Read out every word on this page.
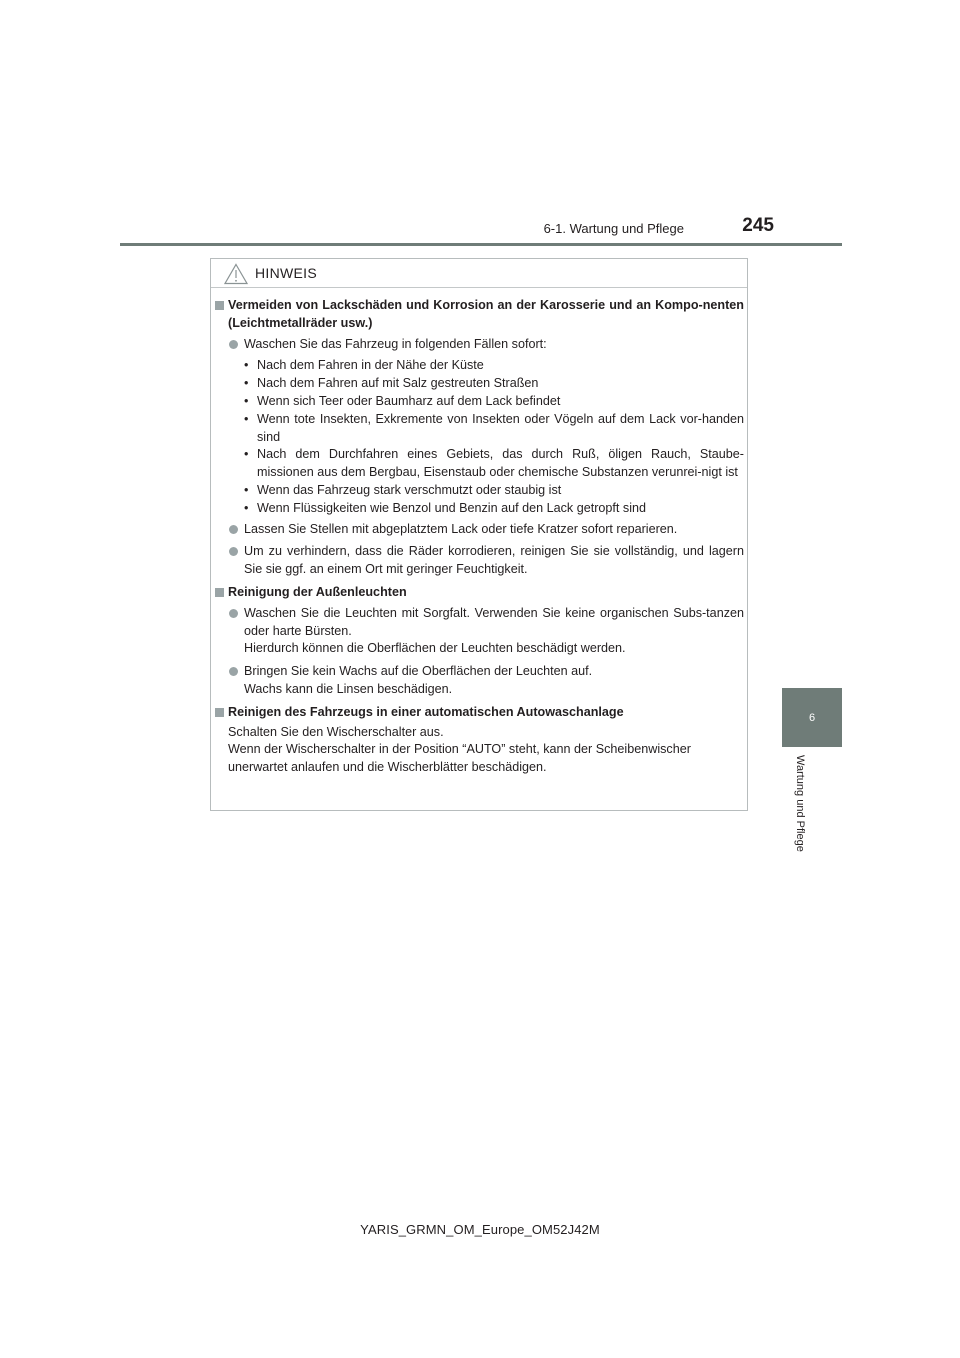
6-1. Wartung und Pflege	245
6
Wartung und Pflege
HINWEIS
Vermeiden von Lackschäden und Korrosion an der Karosserie und an Kompo-nenten (Leichtmetallräder usw.)
Waschen Sie das Fahrzeug in folgenden Fällen sofort:
• Nach dem Fahren in der Nähe der Küste
• Nach dem Fahren auf mit Salz gestreuten Straßen
• Wenn sich Teer oder Baumharz auf dem Lack befindet
• Wenn tote Insekten, Exkremente von Insekten oder Vögeln auf dem Lack vor-handen sind
• Nach dem Durchfahren eines Gebiets, das durch Ruß, öligen Rauch, Staube-missionen aus dem Bergbau, Eisenstaub oder chemische Substanzen verunrei-nigt ist
• Wenn das Fahrzeug stark verschmutzt oder staubig ist
• Wenn Flüssigkeiten wie Benzol und Benzin auf den Lack getropft sind
Lassen Sie Stellen mit abgeplatztem Lack oder tiefe Kratzer sofort reparieren.
Um zu verhindern, dass die Räder korrodieren, reinigen Sie sie vollständig, und lagern Sie sie ggf. an einem Ort mit geringer Feuchtigkeit.
Reinigung der Außenleuchten
Waschen Sie die Leuchten mit Sorgfalt. Verwenden Sie keine organischen Subs-tanzen oder harte Bürsten.
Hierdurch können die Oberflächen der Leuchten beschädigt werden.
Bringen Sie kein Wachs auf die Oberflächen der Leuchten auf.
Wachs kann die Linsen beschädigen.
Reinigen des Fahrzeugs in einer automatischen Autowaschanlage
Schalten Sie den Wischerschalter aus.
Wenn der Wischerschalter in der Position “AUTO” steht, kann der Scheibenwischer unerwartet anlaufen und die Wischerblätter beschädigen.
YARIS_GRMN_OM_Europe_OM52J42M
